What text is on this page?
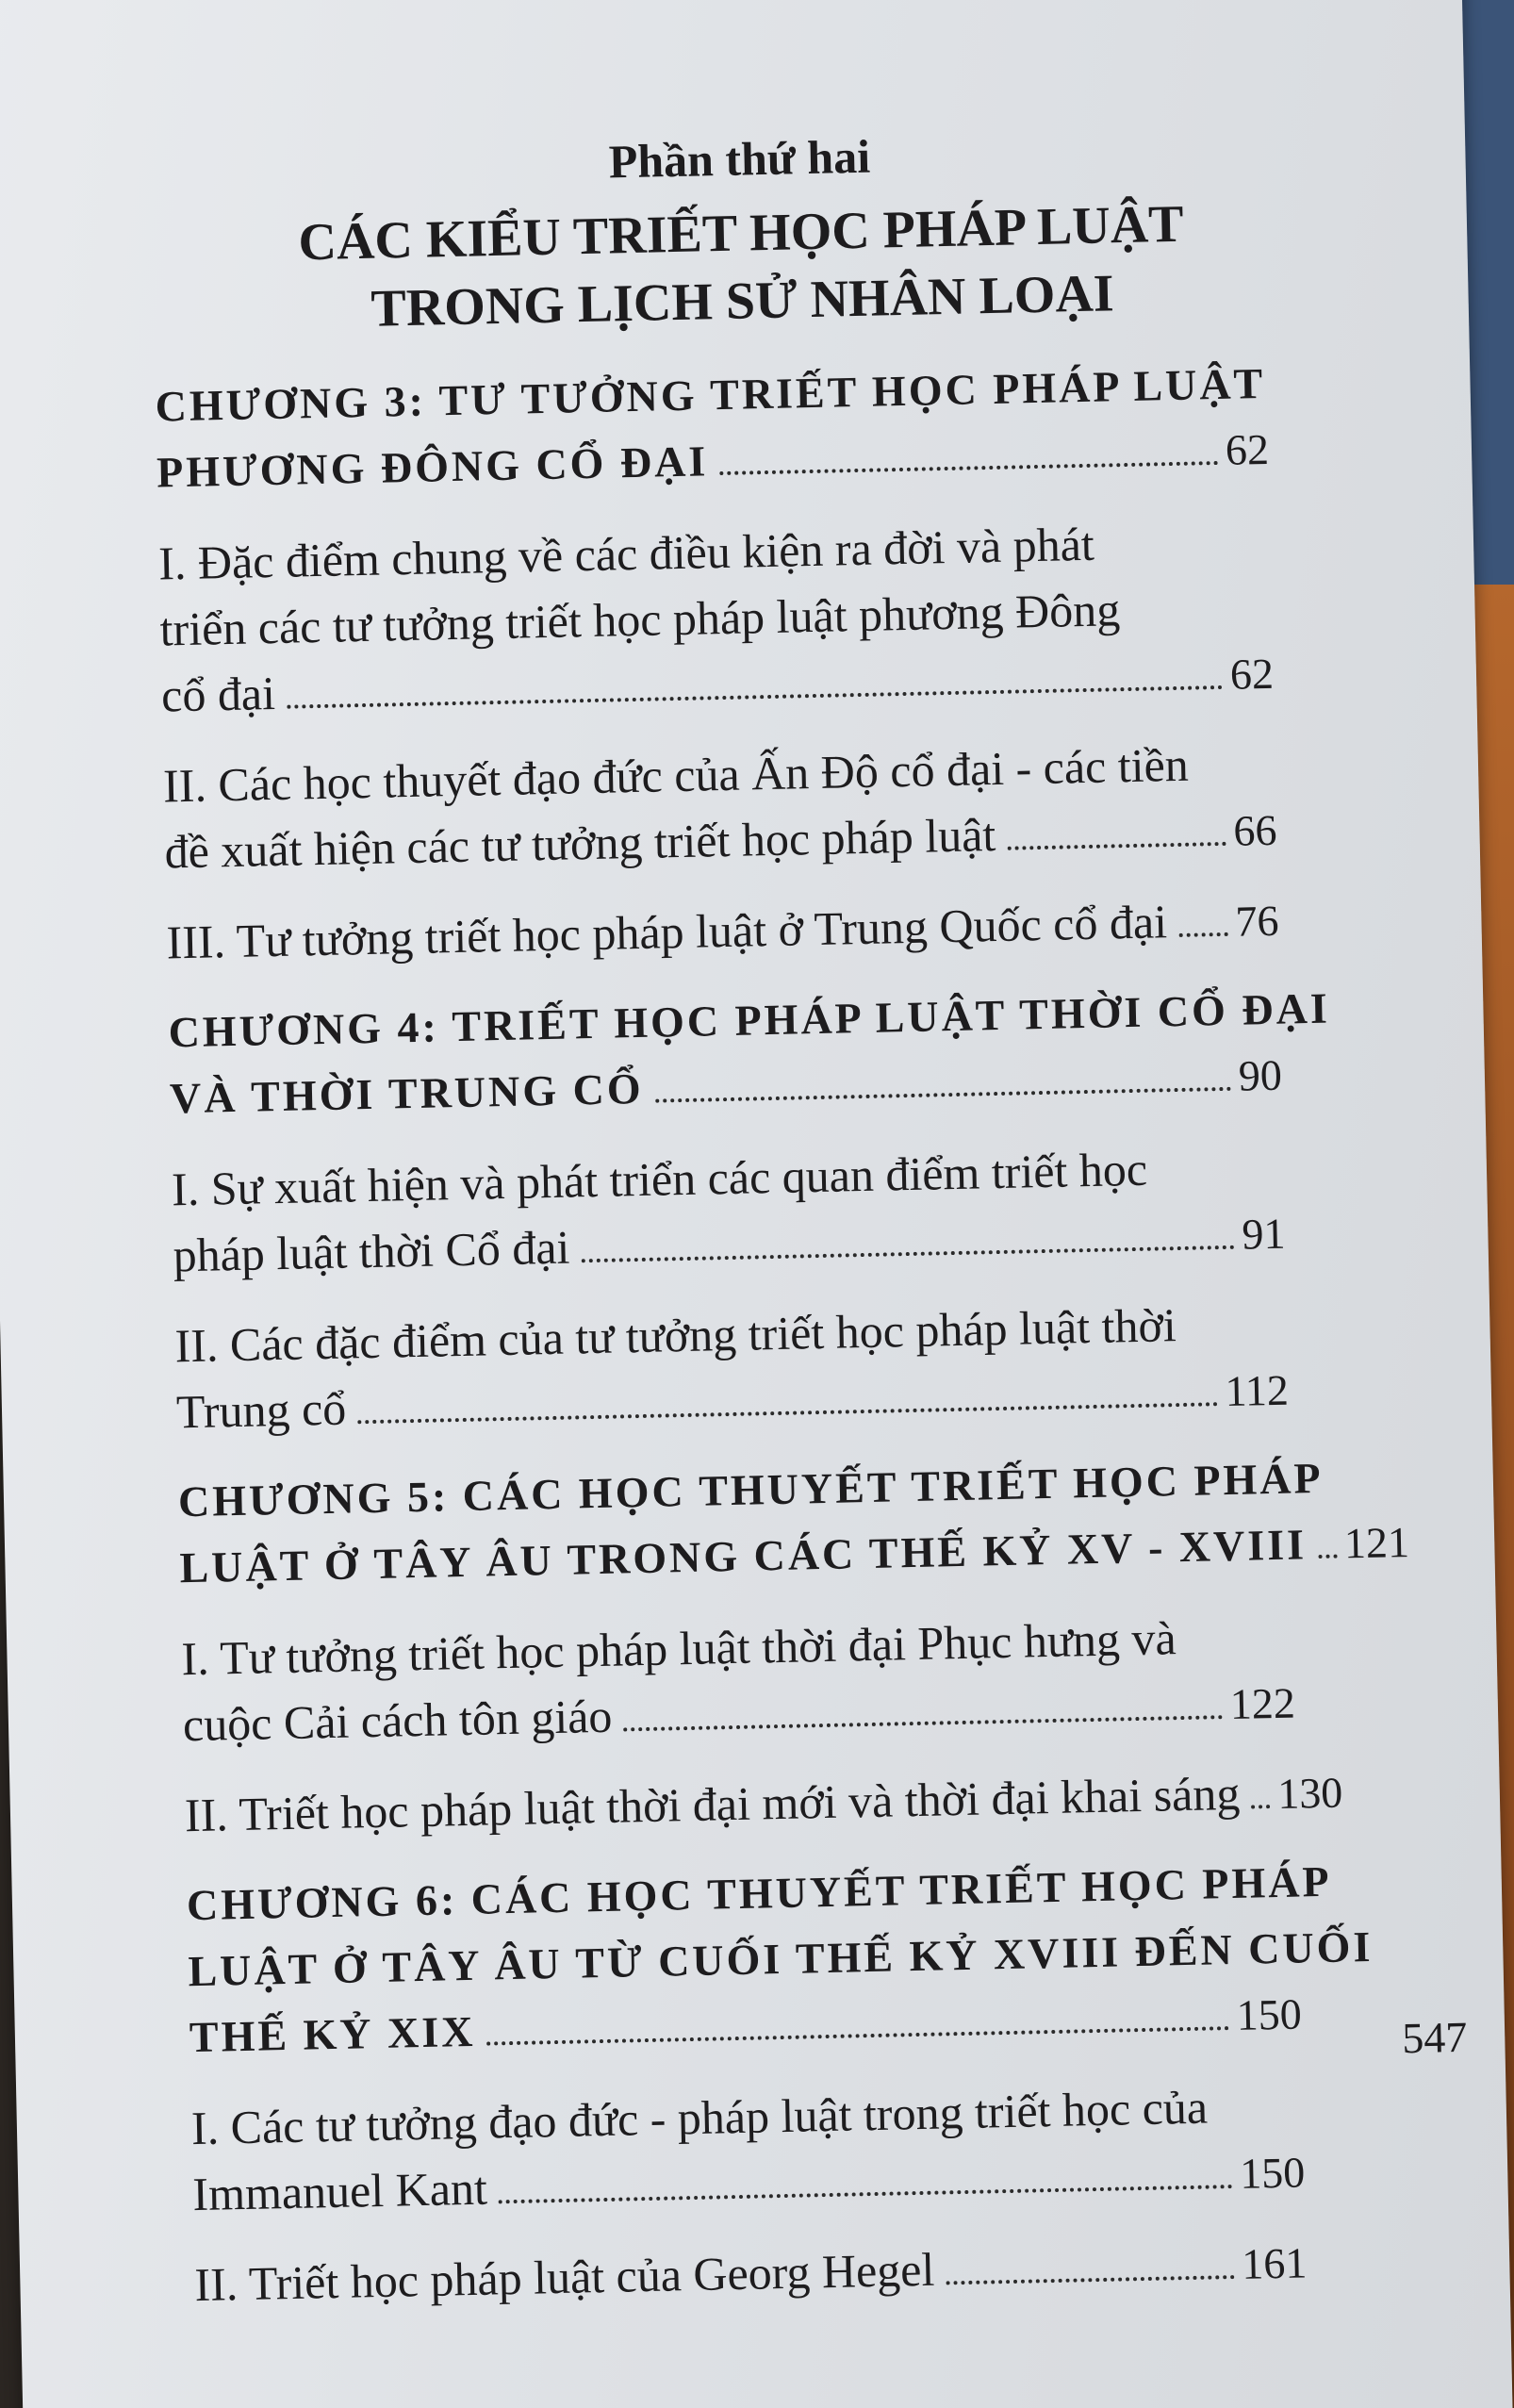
Phần thứ hai
CÁC KIỂU TRIẾT HỌC PHÁP LUẬT
TRONG LỊCH SỬ NHÂN LOẠI
CHƯƠNG 3: TƯ TƯỞNG TRIẾT HỌC PHÁP LUẬT
PHƯƠNG ĐÔNG CỔ ĐẠI	62
I. Đặc điểm chung về các điều kiện ra đời và phát
triển các tư tưởng triết học pháp luật phương Đông
cổ đại	62
II. Các học thuyết đạo đức của Ấn Độ cổ đại - các tiền
đề xuất hiện các tư tưởng triết học pháp luật	66
III. Tư tưởng triết học pháp luật ở Trung Quốc cổ đại 76
CHƯƠNG 4: TRIẾT HỌC PHÁP LUẬT THỜI CỔ ĐẠI
VÀ THỜI TRUNG CỔ	90
I. Sự xuất hiện và phát triển các quan điểm triết học
pháp luật thời Cổ đại	91
II. Các đặc điểm của tư tưởng triết học pháp luật thời
Trung cổ	112
CHƯƠNG 5: CÁC HỌC THUYẾT TRIẾT HỌC PHÁP
LUẬT Ở TÂY ÂU TRONG CÁC THẾ KỶ XV - XVIII 121
I. Tư tưởng triết học pháp luật thời đại Phục hưng và
cuộc Cải cách tôn giáo	122
II. Triết học pháp luật thời đại mới và thời đại khai sáng 130
CHƯƠNG 6: CÁC HỌC THUYẾT TRIẾT HỌC PHÁP
LUẬT Ở TÂY ÂU TỪ CUỐI THẾ KỶ XVIII ĐẾN CUỐI
THẾ KỶ XIX	150
I. Các tư tưởng đạo đức - pháp luật trong triết học của
Immanuel Kant	150
II. Triết học pháp luật của Georg Hegel	161
547
